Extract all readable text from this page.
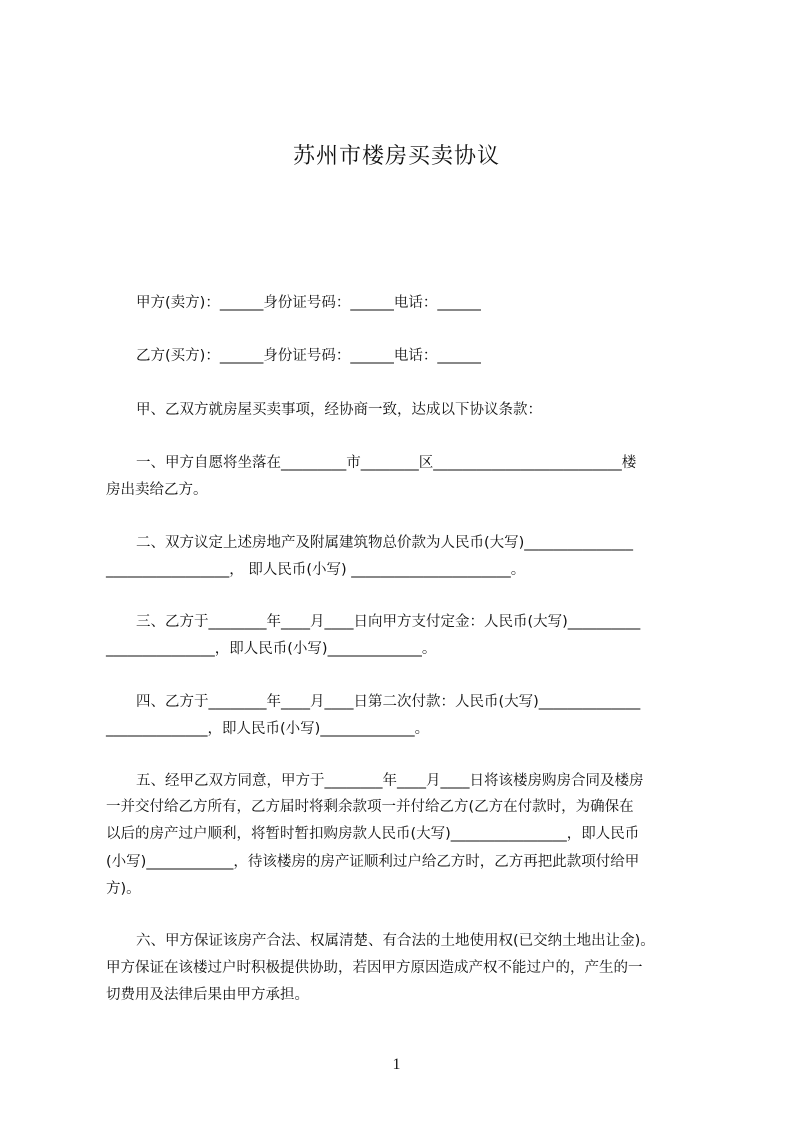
苏州市楼房买卖协议
甲方(卖方)：______身份证号码：______电话：______
乙方(买方)：______身份证号码：______电话：______
甲、乙双方就房屋买卖事项，经协商一致，达成以下协议条款：
一、甲方自愿将坐落在_________市________区__________________________楼
房出卖给乙方。
二、双方议定上述房地产及附属建筑物总价款为人民币(大写)_______________
_________________， 即人民币(小写) ______________________。
三、乙方于________年____月____日向甲方支付定金：人民币(大写)__________
_______________，即人民币(小写)_____________。
四、乙方于________年____月____日第二次付款：人民币(大写)______________
______________，即人民币(小写)_____________。
五、经甲乙双方同意，甲方于________年____月____日将该楼房购房合同及楼房
一并交付给乙方所有，乙方届时将剩余款项一并付给乙方(乙方在付款时，为确保在
以后的房产过户顺利，将暂时暂扣购房款人民币(大写)________________，即人民币
(小写)____________，待该楼房的房产证顺利过户给乙方时，乙方再把此款项付给甲
方)。
六、甲方保证该房产合法、权属清楚、有合法的土地使用权(已交纳土地出让金)。
甲方保证在该楼过户时积极提供协助，若因甲方原因造成产权不能过户的，产生的一
切费用及法律后果由甲方承担。
1
